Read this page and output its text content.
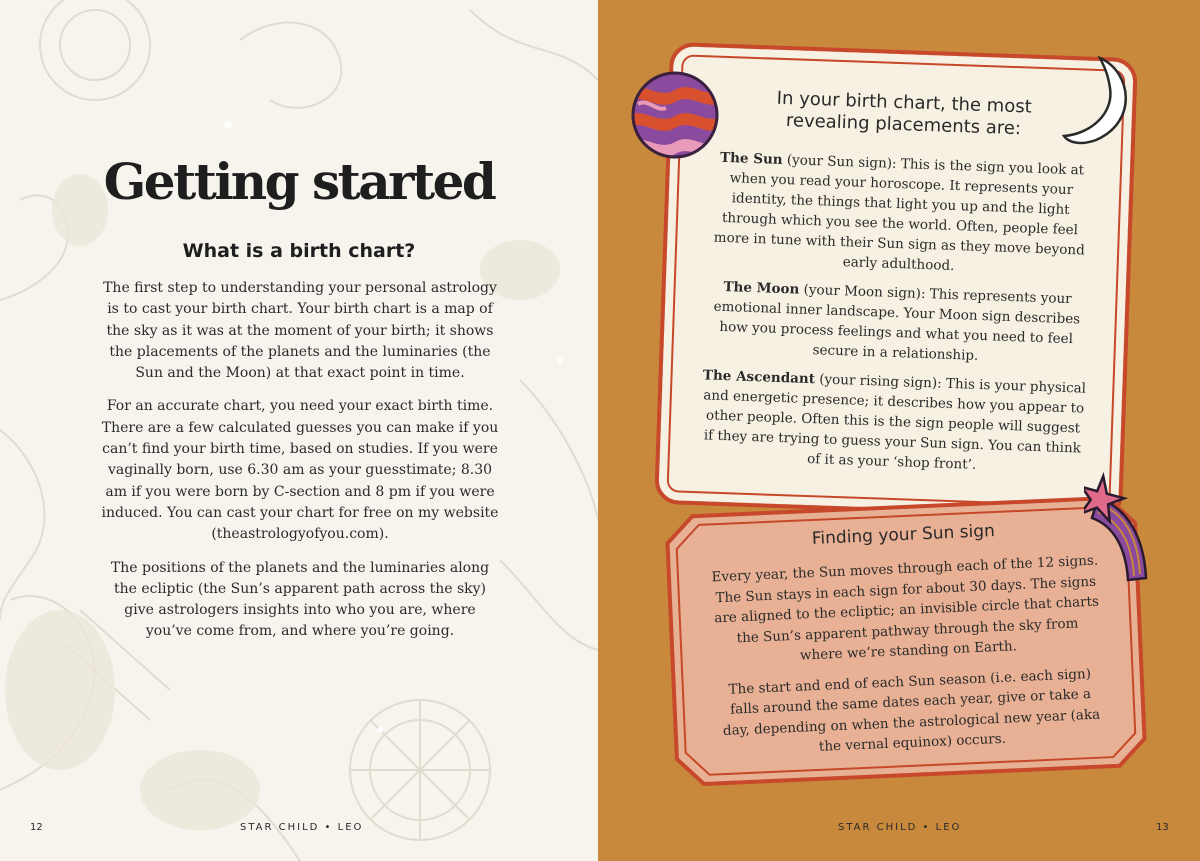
Getting started
What is a birth chart?

The first step to understanding your personal astrology is to cast your birth chart. Your birth chart is a map of the sky as it was at the moment of your birth; it shows the placements of the planets and the luminaries (the Sun and the Moon) at that exact point in time.

For an accurate chart, you need your exact birth time. There are a few calculated guesses you can make if you can’t find your birth time, based on studies. If you were vaginally born, use 6.30 am as your guesstimate; 8.30 am if you were born by C-section and 8 pm if you were induced. You can cast your chart for free on my website (theastrologyofyou.com).

The positions of the planets and the luminaries along the ecliptic (the Sun’s apparent path across the sky) give astrologers insights into who you are, where you’ve come from, and where you’re going.

12	STAR CHILD • LEO
In your birth chart, the most revealing placements are:

The Sun (your Sun sign): This is the sign you look at when you read your horoscope. It represents your identity, the things that light you up and the light through which you see the world. Often, people feel more in tune with their Sun sign as they move beyond early adulthood.

The Moon (your Moon sign): This represents your emotional inner landscape. Your Moon sign describes how you process feelings and what you need to feel secure in a relationship.

The Ascendant (your rising sign): This is your physical and energetic presence; it describes how you appear to other people. Often this is the sign people will suggest if they are trying to guess your Sun sign. You can think of it as your ‘shop front’.

Finding your Sun sign

Every year, the Sun moves through each of the 12 signs. The Sun stays in each sign for about 30 days. The signs are aligned to the ecliptic; an invisible circle that charts the Sun’s apparent pathway through the sky from where we’re standing on Earth.

The start and end of each Sun season (i.e. each sign) falls around the same dates each year, give or take a day, depending on when the astrological new year (aka the vernal equinox) occurs.

STAR CHILD • LEO	13
